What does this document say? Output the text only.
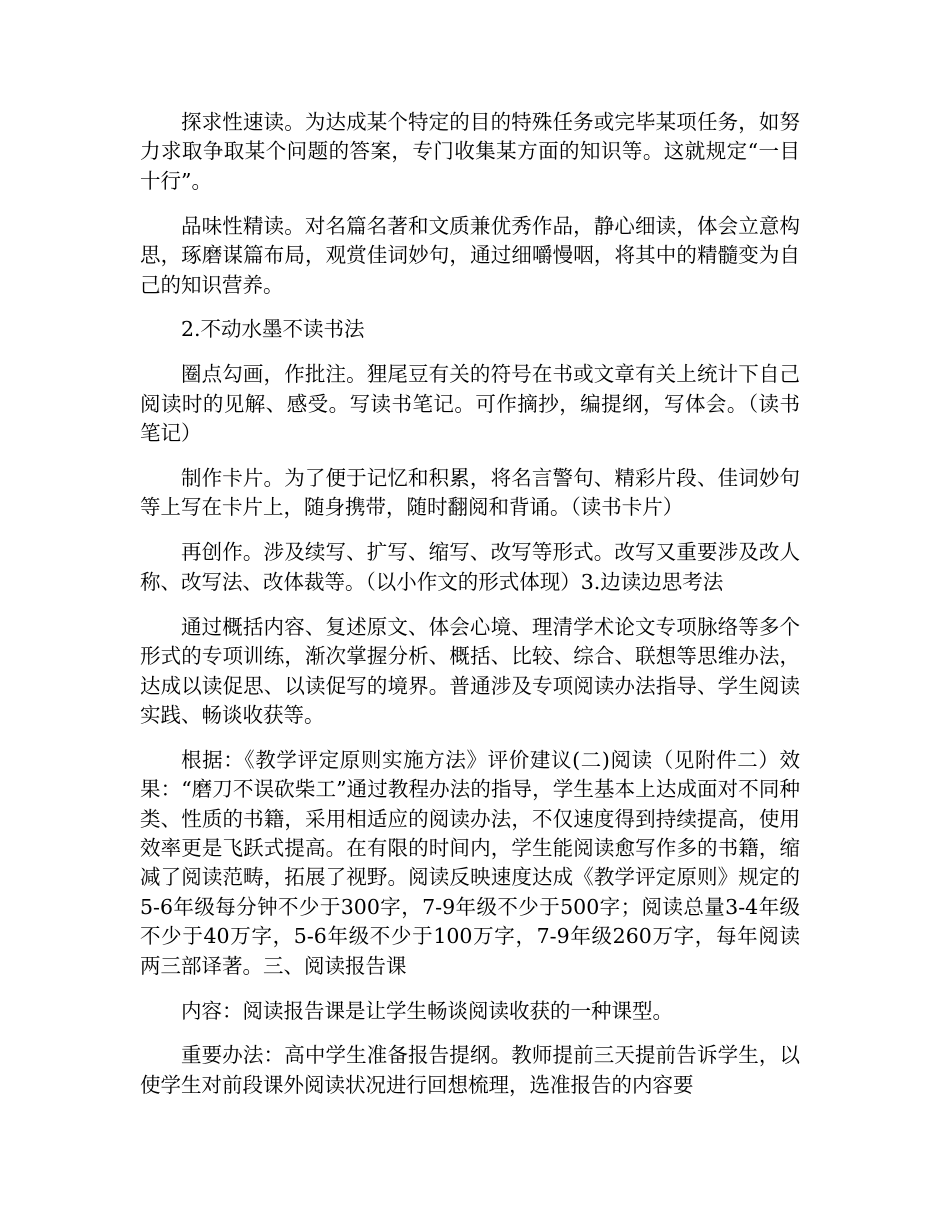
探求性速读。为达成某个特定的目的特殊任务或完毕某项任务，如努力求取争取某个问题的答案，专门收集某方面的知识等。这就规定“一目十行”。

品味性精读。对名篇名著和文质兼优秀作品，静心细读，体会立意构思，琢磨谋篇布局，观赏佳词妙句，通过细嚼慢咽，将其中的精髓变为自己的知识营养。

2.不动水墨不读书法

圈点勾画，作批注。狸尾豆有关的符号在书或文章有关上统计下自己阅读时的见解、感受。写读书笔记。可作摘抄，编提纲，写体会。（读书笔记）

制作卡片。为了便于记忆和积累，将名言警句、精彩片段、佳词妙句等上写在卡片上，随身携带，随时翻阅和背诵。（读书卡片）

再创作。涉及续写、扩写、缩写、改写等形式。改写又重要涉及改人称、改写法、改体裁等。（以小作文的形式体现）3.边读边思考法

通过概括内容、复述原文、体会心境、理清学术论文专项脉络等多个形式的专项训练，渐次掌握分析、概括、比较、综合、联想等思维办法，达成以读促思、以读促写的境界。普通涉及专项阅读办法指导、学生阅读实践、畅谈收获等。

根据：《教学评定原则实施方法》评价建议(二)阅读（见附件二）效果：“磨刀不误砍柴工”通过教程办法的指导，学生基本上达成面对不同种类、性质的书籍，采用相适应的阅读办法，不仅速度得到持续提高，使用效率更是飞跃式提高。在有限的时间内，学生能阅读愈写作多的书籍，缩减了阅读范畴，拓展了视野。阅读反映速度达成《教学评定原则》规定的5-6年级每分钟不少于300字，7-9年级不少于500字；阅读总量3-4年级不少于40万字，5-6年级不少于100万字，7-9年级260万字，每年阅读两三部译著。三、阅读报告课

内容：阅读报告课是让学生畅谈阅读收获的一种课型。

重要办法：高中学生准备报告提纲。教师提前三天提前告诉学生，以使学生对前段课外阅读状况进行回想梳理，选准报告的内容要
